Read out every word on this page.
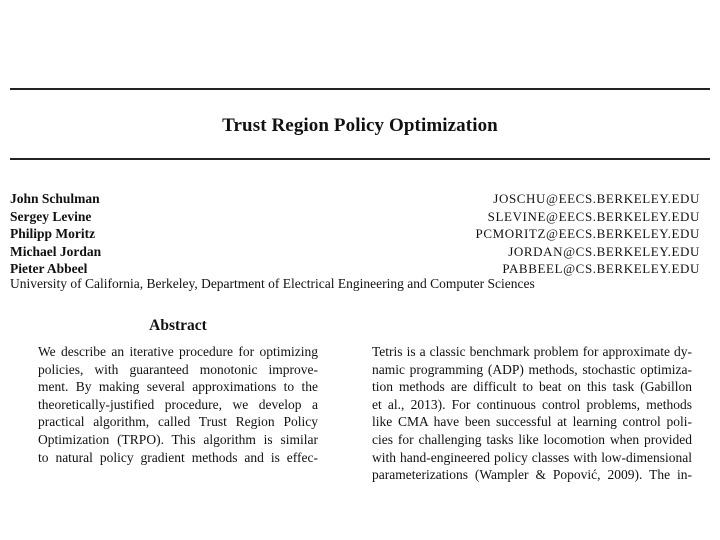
Trust Region Policy Optimization
John Schulman	JOSCHU@EECS.BERKELEY.EDU
Sergey Levine	SLEVINE@EECS.BERKELEY.EDU
Philipp Moritz	PCMORITZ@EECS.BERKELEY.EDU
Michael Jordan	JORDAN@CS.BERKELEY.EDU
Pieter Abbeel	PABBEEL@CS.BERKELEY.EDU
University of California, Berkeley, Department of Electrical Engineering and Computer Sciences
Abstract
We describe an iterative procedure for optimizing
policies, with guaranteed monotonic improve-
ment. By making several approximations to the
theoretically-justified procedure, we develop a
practical algorithm, called Trust Region Policy
Optimization (TRPO). This algorithm is similar
to natural policy gradient methods and is effec-
Tetris is a classic benchmark problem for approximate dy-
namic programming (ADP) methods, stochastic optimiza-
tion methods are difficult to beat on this task (Gabillon
et al., 2013). For continuous control problems, methods
like CMA have been successful at learning control poli-
cies for challenging tasks like locomotion when provided
with hand-engineered policy classes with low-dimensional
parameterizations (Wampler & Popović, 2009). The in-
